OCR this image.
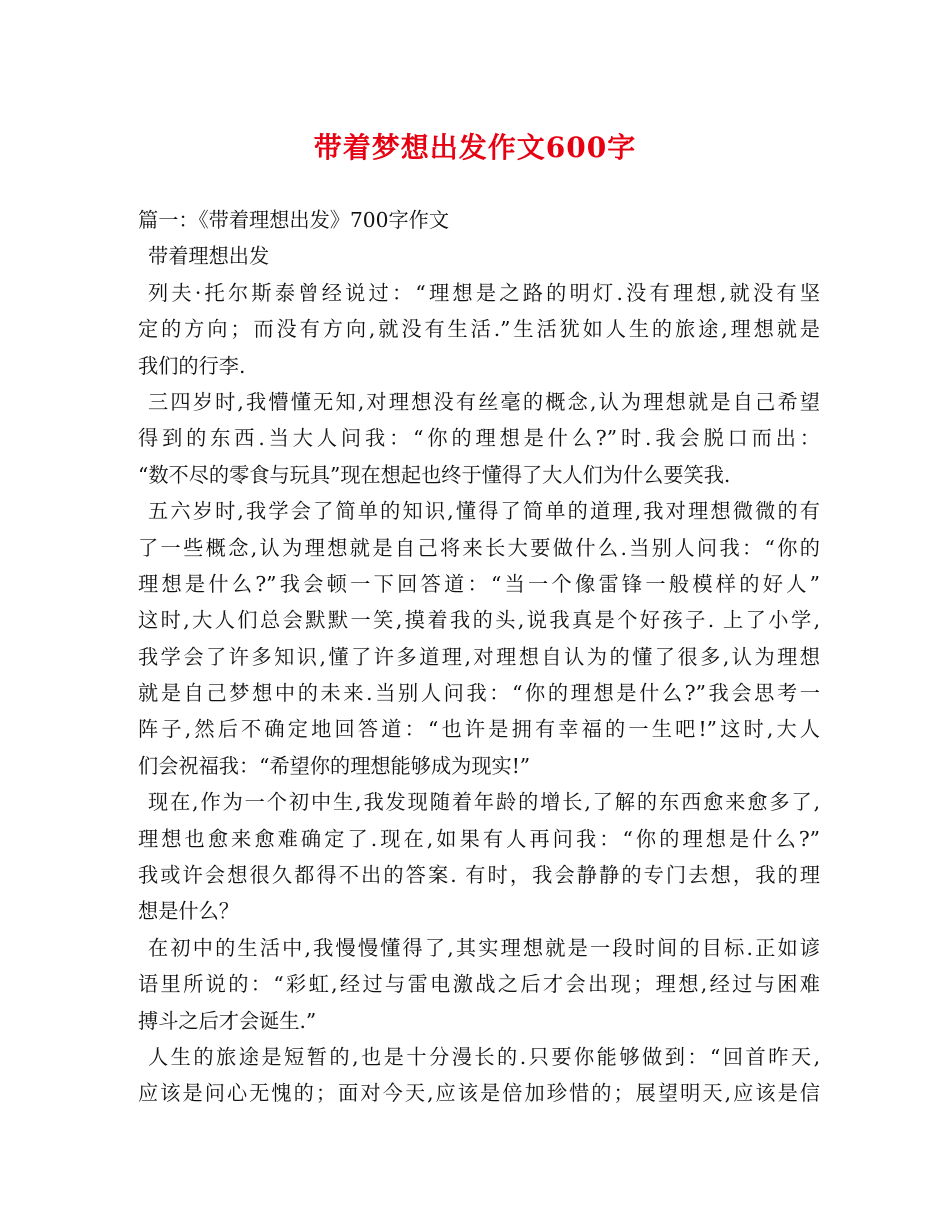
带着梦想出发作文600字
篇一：《带着理想出发》700字作文
带着理想出发
列夫·托尔斯泰曾经说过：“理想是之路的明灯.没有理想,就没有坚
定的方向；而没有方向,就没有生活.”生活犹如人生的旅途,理想就是
我们的行李.
三四岁时,我懵懂无知,对理想没有丝毫的概念,认为理想就是自己希望
得到的东西.当大人问我：“你的理想是什么?”时.我会脱口而出：
“数不尽的零食与玩具”现在想起也终于懂得了大人们为什么要笑我.
五六岁时,我学会了简单的知识,懂得了简单的道理,我对理想微微的有
了一些概念,认为理想就是自己将来长大要做什么.当别人问我：“你的
理想是什么?”我会顿一下回答道：“当一个像雷锋一般模样的好人”
这时,大人们总会默默一笑,摸着我的头,说我真是个好孩子. 上了小学,
我学会了许多知识,懂了许多道理,对理想自认为的懂了很多,认为理想
就是自己梦想中的未来.当别人问我：“你的理想是什么?”我会思考一
阵子,然后不确定地回答道：“也许是拥有幸福的一生吧!”这时,大人
们会祝福我：“希望你的理想能够成为现实!”
现在,作为一个初中生,我发现随着年龄的增长,了解的东西愈来愈多了,
理想也愈来愈难确定了.现在,如果有人再问我：“你的理想是什么?”
我或许会想很久都得不出的答案. 有时，我会静静的专门去想，我的理
想是什么？
在初中的生活中,我慢慢懂得了,其实理想就是一段时间的目标.正如谚
语里所说的：“彩虹,经过与雷电激战之后才会出现；理想,经过与困难
搏斗之后才会诞生.”
人生的旅途是短暂的,也是十分漫长的.只要你能够做到：“回首昨天,
应该是问心无愧的；面对今天,应该是倍加珍惜的；展望明天,应该是信
